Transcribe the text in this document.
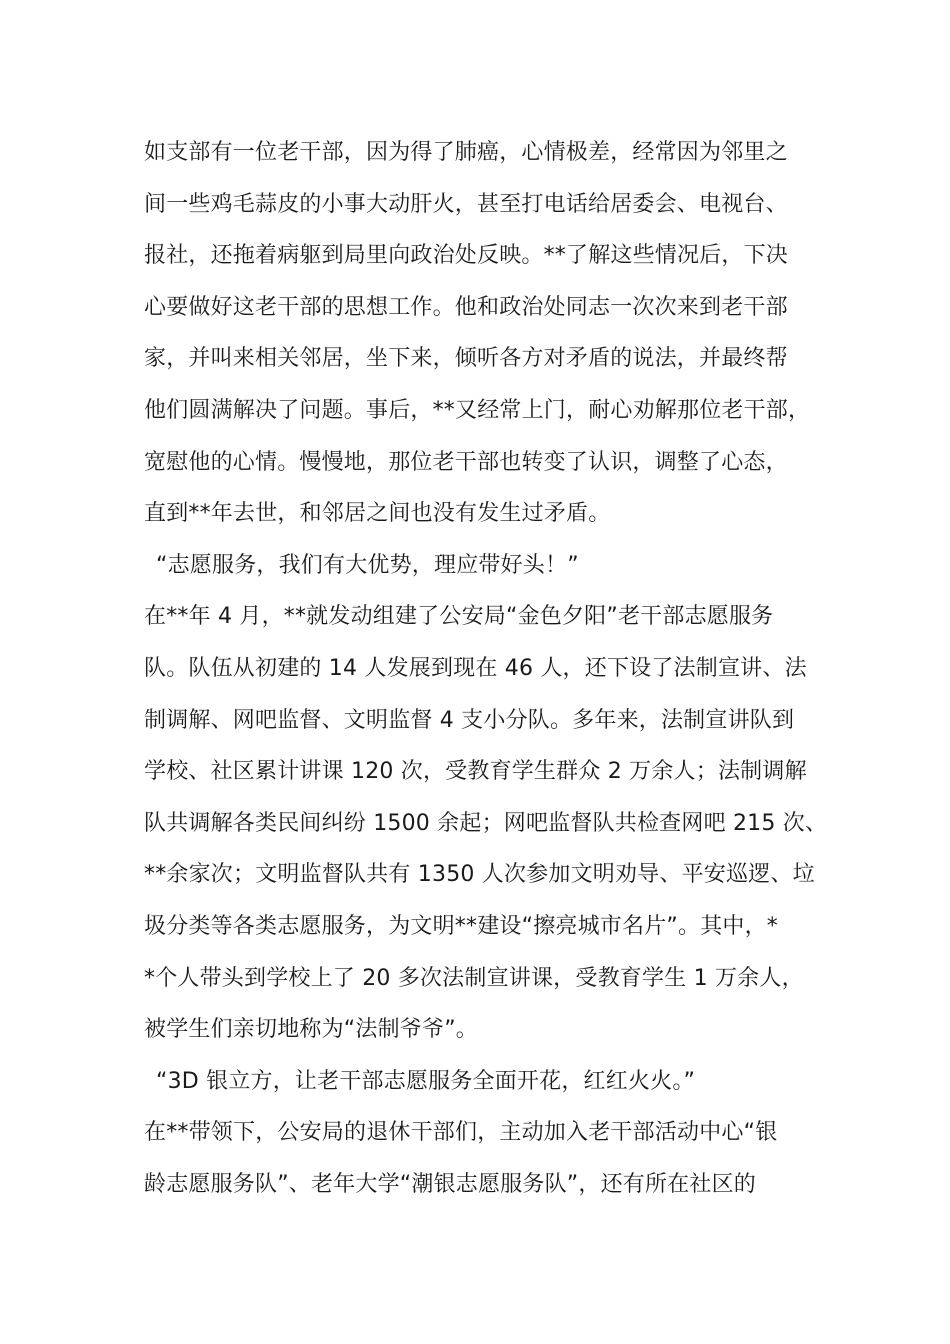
如支部有一位老干部，因为得了肺癌，心情极差，经常因为邻里之
间一些鸡毛蒜皮的小事大动肝火，甚至打电话给居委会、电视台、
报社，还拖着病躯到局里向政治处反映。**了解这些情况后，下决
心要做好这老干部的思想工作。他和政治处同志一次次来到老干部
家，并叫来相关邻居，坐下来，倾听各方对矛盾的说法，并最终帮
他们圆满解决了问题。事后，**又经常上门，耐心劝解那位老干部，
宽慰他的心情。慢慢地，那位老干部也转变了认识，调整了心态，
直到**年去世，和邻居之间也没有发生过矛盾。
“志愿服务，我们有大优势，理应带好头！”
在**年 4 月，**就发动组建了公安局“金色夕阳”老干部志愿服务
队。队伍从初建的 14 人发展到现在 46 人，还下设了法制宣讲、法
制调解、网吧监督、文明监督 4 支小分队。多年来，法制宣讲队到
学校、社区累计讲课 120 次，受教育学生群众 2 万余人；法制调解
队共调解各类民间纠纷 1500 余起；网吧监督队共检查网吧 215 次、
**余家次；文明监督队共有 1350 人次参加文明劝导、平安巡逻、垃
圾分类等各类志愿服务，为文明**建设“擦亮城市名片”。其中，*
*个人带头到学校上了 20 多次法制宣讲课，受教育学生 1 万余人，
被学生们亲切地称为“法制爷爷”。
“3D 银立方，让老干部志愿服务全面开花，红红火火。”
在**带领下，公安局的退休干部们，主动加入老干部活动中心“银
龄志愿服务队”、老年大学“潮银志愿服务队”，还有所在社区的
